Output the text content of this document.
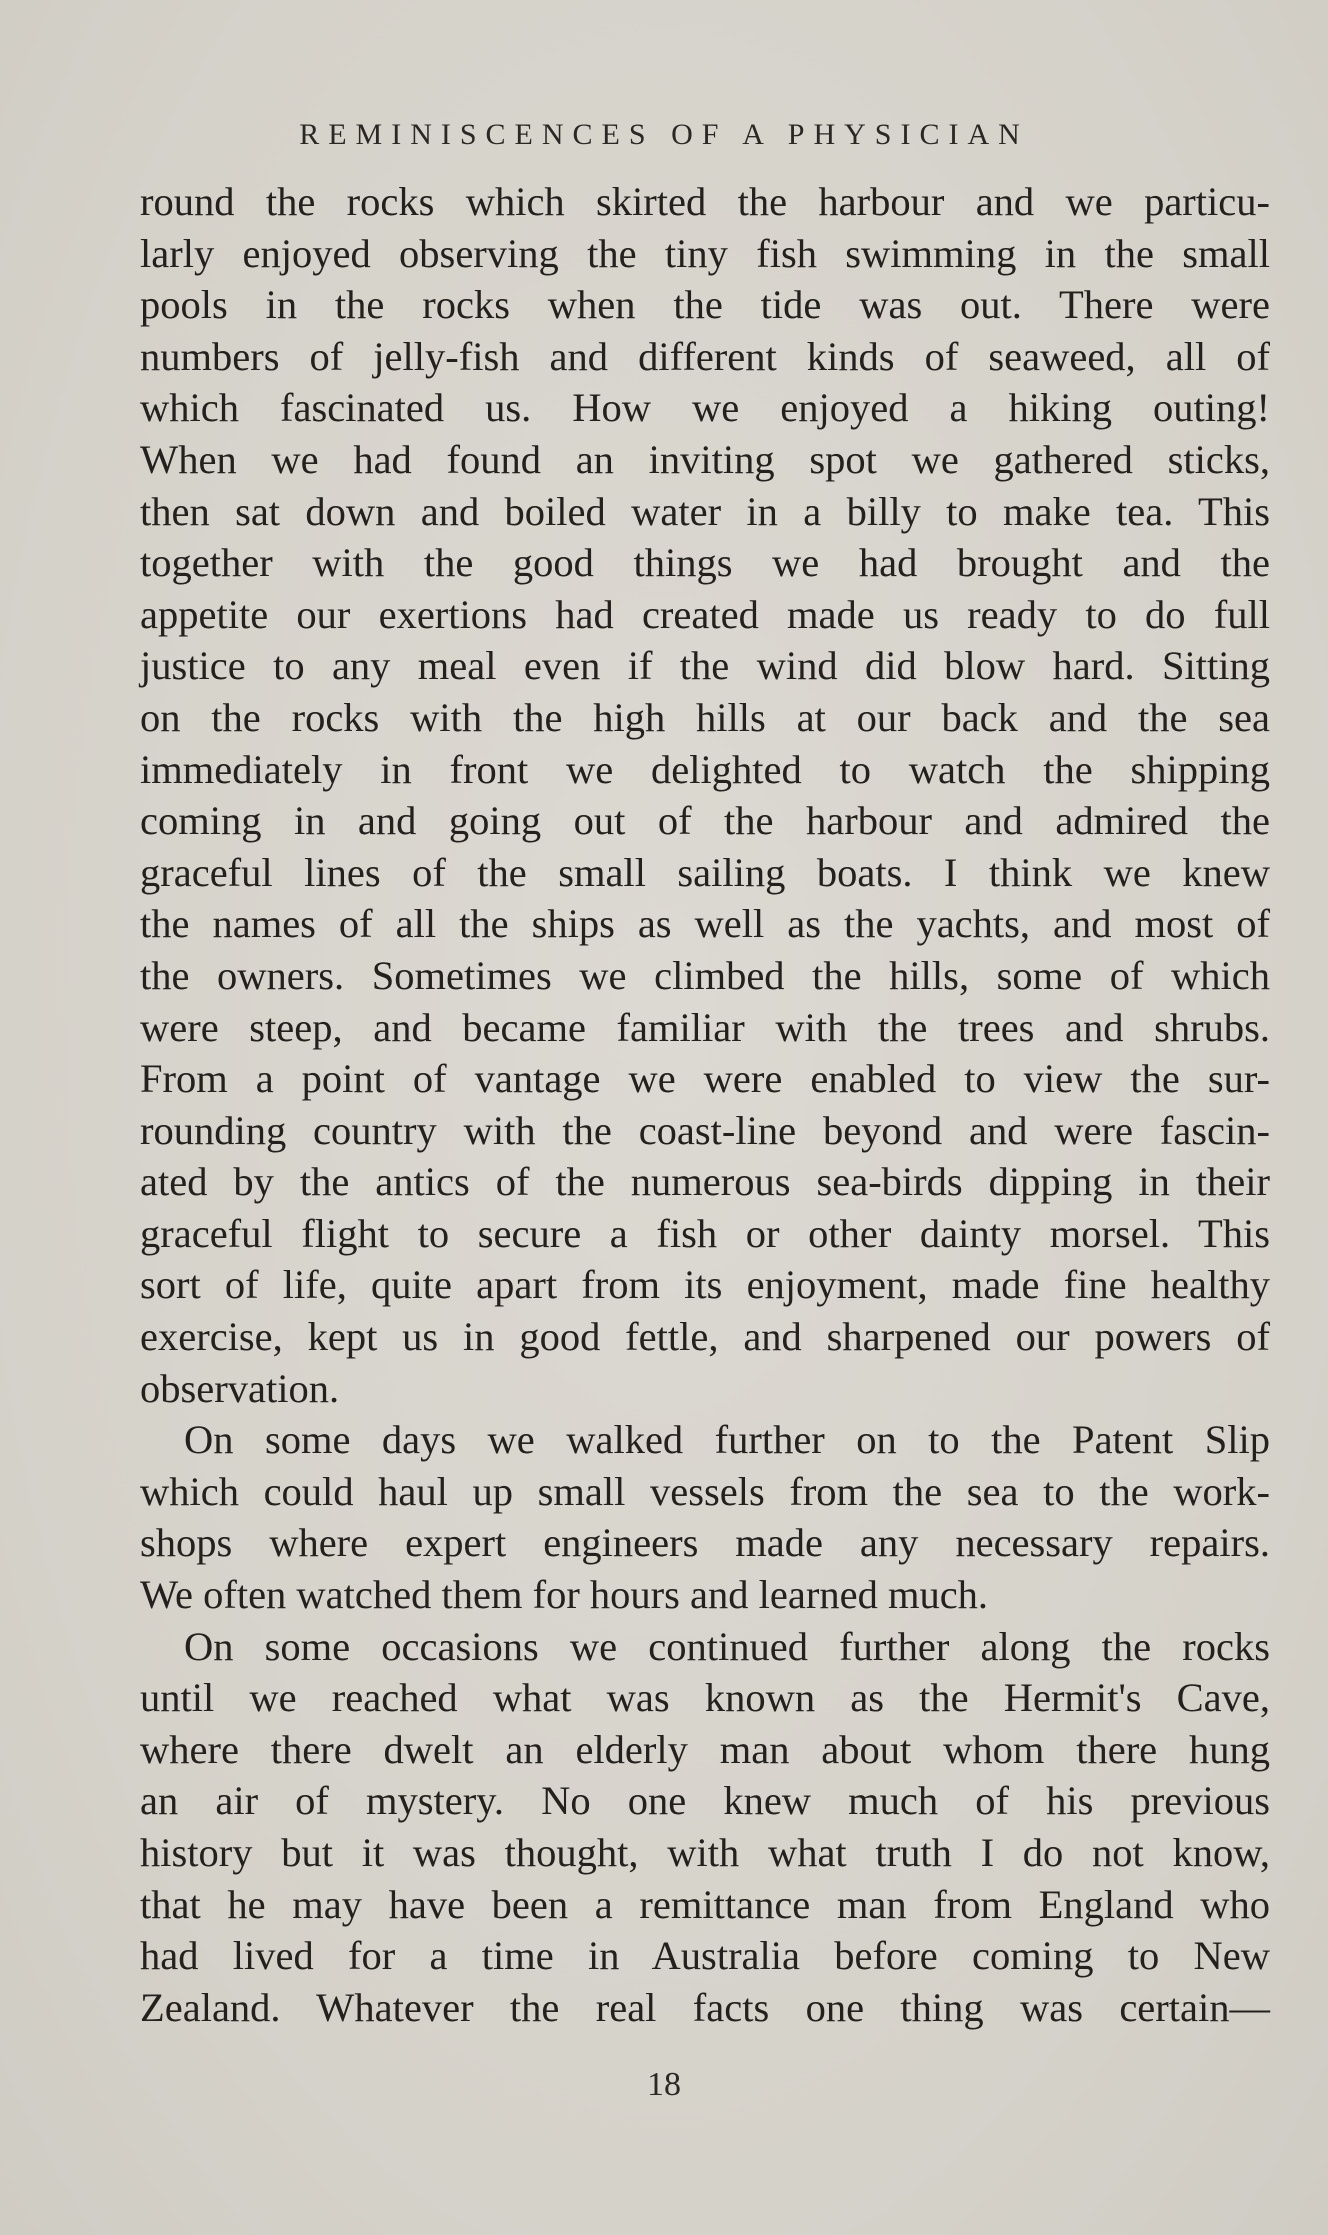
REMINISCENCES OF A PHYSICIAN

round the rocks which skirted the harbour and we particu-
larly enjoyed observing the tiny fish swimming in the small
pools in the rocks when the tide was out. There were
numbers of jelly-fish and different kinds of seaweed, all of
which fascinated us. How we enjoyed a hiking outing!
When we had found an inviting spot we gathered sticks,
then sat down and boiled water in a billy to make tea. This
together with the good things we had brought and the
appetite our exertions had created made us ready to do full
justice to any meal even if the wind did blow hard. Sitting
on the rocks with the high hills at our back and the sea
immediately in front we delighted to watch the shipping
coming in and going out of the harbour and admired the
graceful lines of the small sailing boats. I think we knew
the names of all the ships as well as the yachts, and most of
the owners. Sometimes we climbed the hills, some of which
were steep, and became familiar with the trees and shrubs.
From a point of vantage we were enabled to view the sur-
rounding country with the coast-line beyond and were fascin-
ated by the antics of the numerous sea-birds dipping in their
graceful flight to secure a fish or other dainty morsel. This
sort of life, quite apart from its enjoyment, made fine healthy
exercise, kept us in good fettle, and sharpened our powers of
observation.

On some days we walked further on to the Patent Slip
which could haul up small vessels from the sea to the work-
shops where expert engineers made any necessary repairs.
We often watched them for hours and learned much.

On some occasions we continued further along the rocks
until we reached what was known as the Hermit's Cave,
where there dwelt an elderly man about whom there hung
an air of mystery. No one knew much of his previous
history but it was thought, with what truth I do not know,
that he may have been a remittance man from England who
had lived for a time in Australia before coming to New
Zealand. Whatever the real facts one thing was certain—

18
